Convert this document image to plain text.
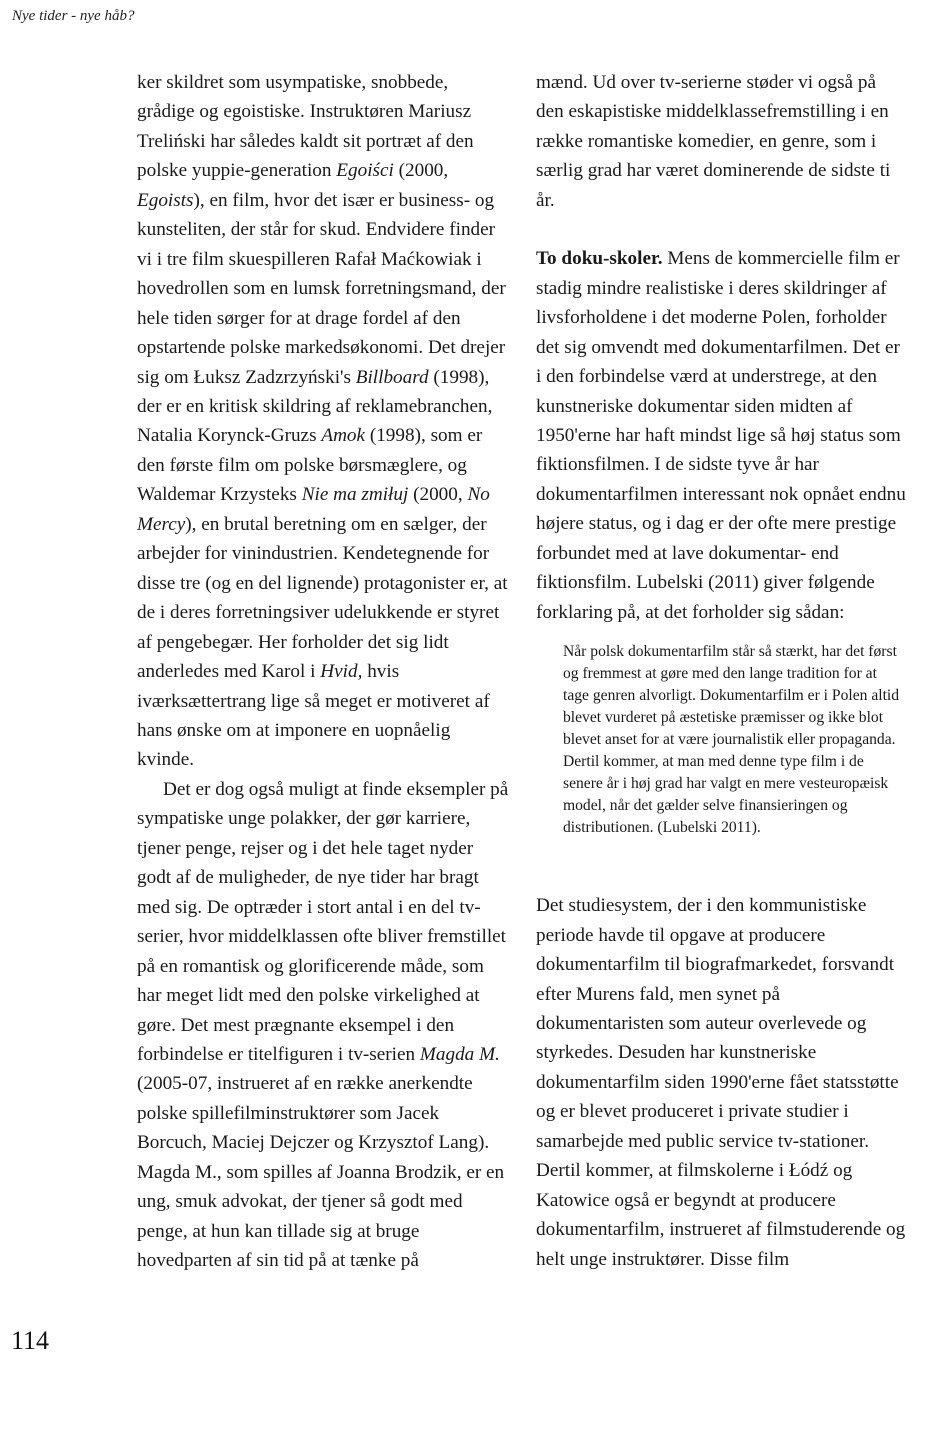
Nye tider - nye håb?

ker skildret som usympatiske, snobbede, grådige og egoistiske. Instruktøren Mariusz Treliński har således kaldt sit portræt af den polske yuppie-generation Egoiści (2000, Egoists), en film, hvor det især er business- og kunsteliten, der står for skud. Endvidere finder vi i tre film skuespilleren Rafał Maćkowiak i hovedrollen som en lumsk forretningsmand, der hele tiden sørger for at drage fordel af den opstartende polske markedsøkonomi. Det drejer sig om Łuksz Zadzrzyński's Billboard (1998), der er en kritisk skildring af reklamebranchen, Natalia Korynck-Gruzs Amok (1998), som er den første film om polske børsmæglere, og Waldemar Krzysteks Nie ma zmiłuj (2000, No Mercy), en brutal beretning om en sælger, der arbejder for vinindustrien. Kendetegnende for disse tre (og en del lignende) protagonister er, at de i deres forretningsiver udelukkende er styret af pengebegær. Her forholder det sig lidt anderledes med Karol i Hvid, hvis iværksættertrang lige så meget er motiveret af hans ønske om at imponere en uopnåelig kvinde.

Det er dog også muligt at finde eksempler på sympatiske unge polakker, der gør karriere, tjener penge, rejser og i det hele taget nyder godt af de muligheder, de nye tider har bragt med sig. De optræder i stort antal i en del tv-serier, hvor middelklassen ofte bliver fremstillet på en romantisk og glorificerende måde, som har meget lidt med den polske virkelighed at gøre. Det mest prægnante eksempel i den forbindelse er titelfiguren i tv-serien Magda M. (2005-07, instrueret af en række anerkendte polske spillefilminstruktører som Jacek Borcuch, Maciej Dejczer og Krzysztof Lang). Magda M., som spilles af Joanna Brodzik, er en ung, smuk advokat, der tjener så godt med penge, at hun kan tillade sig at bruge hovedparten af sin tid på at tænke på

mænd. Ud over tv-serierne støder vi også på den eskapistiske middelklassefremstilling i en række romantiske komedier, en genre, som i særlig grad har været dominerende de sidste ti år.

To doku-skoler. Mens de kommercielle film er stadig mindre realistiske i deres skildringer af livsforholdene i det moderne Polen, forholder det sig omvendt med dokumentarfilmen. Det er i den forbindelse værd at understrege, at den kunstneriske dokumentar siden midten af 1950'erne har haft mindst lige så høj status som fiktionsfilmen. I de sidste tyve år har dokumentarfilmen interessant nok opnået endnu højere status, og i dag er der ofte mere prestige forbundet med at lave dokumentar- end fiktionsfilm. Lubelski (2011) giver følgende forklaring på, at det forholder sig sådan:

Når polsk dokumentarfilm står så stærkt, har det først og fremmest at gøre med den lange tradition for at tage genren alvorligt. Dokumentarfilm er i Polen altid blevet vurderet på æstetiske præmisser og ikke blot blevet anset for at være journalistik eller propaganda. Dertil kommer, at man med denne type film i de senere år i høj grad har valgt en mere vesteuropæisk model, når det gælder selve finansieringen og distributionen. (Lubelski 2011).

Det studiesystem, der i den kommunistiske periode havde til opgave at producere dokumentarfilm til biografmarkedet, forsvandt efter Murens fald, men synet på dokumentaristen som auteur overlevede og styrkedes. Desuden har kunstneriske dokumentarfilm siden 1990'erne fået statsstøtte og er blevet produceret i private studier i samarbejde med public service tv-stationer. Dertil kommer, at filmskolerne i Łódź og Katowice også er begyndt at producere dokumentarfilm, instrueret af filmstuderende og helt unge instruktører. Disse film

114
